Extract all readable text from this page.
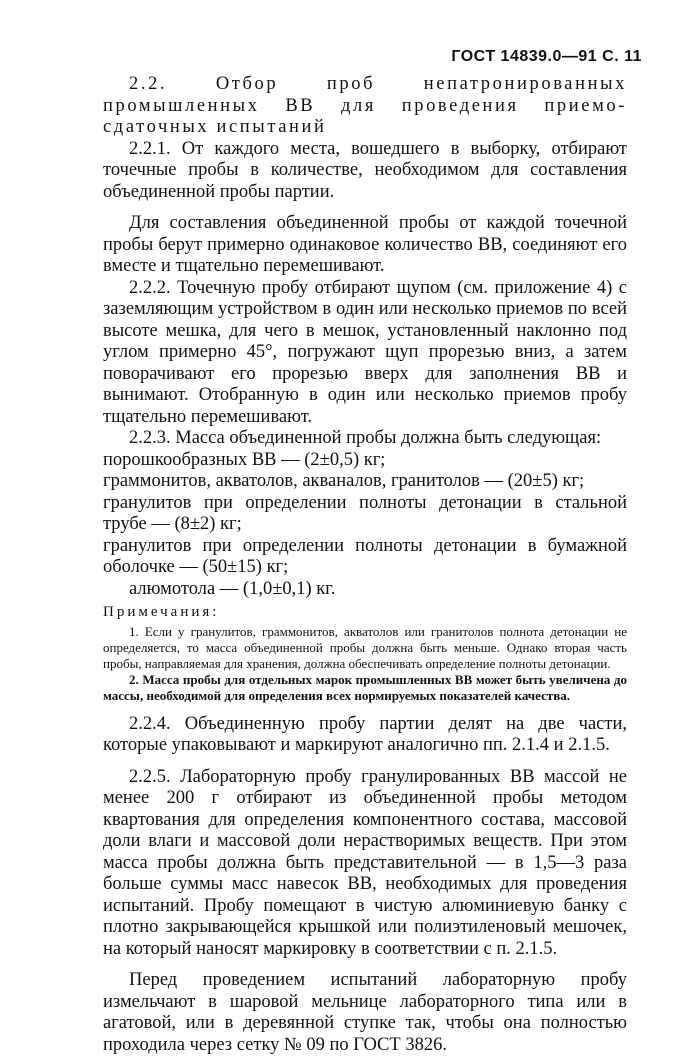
ГОСТ 14839.0—91 С. 11

2.2. Отбор проб непатронированных промышленных ВВ для проведения приемо-сдаточных испытаний

2.2.1. От каждого места, вошедшего в выборку, отбирают точечные пробы в количестве, необходимом для составления объединенной пробы партии.

Для составления объединенной пробы от каждой точечной пробы берут примерно одинаковое количество ВВ, соединяют его вместе и тщательно перемешивают.

2.2.2. Точечную пробу отбирают щупом (см. приложение 4) с заземляющим устройством в один или несколько приемов по всей высоте мешка, для чего в мешок, установленный наклонно под углом примерно 45°, погружают щуп прорезью вниз, а затем поворачивают его прорезью вверх для заполнения ВВ и вынимают. Отобранную в один или несколько приемов пробу тщательно перемешивают.

2.2.3. Масса объединенной пробы должна быть следующая:

порошкообразных ВВ — (2±0,5) кг;

граммонитов, акватолов, акваналов, гранитолов — (20±5) кг;

гранулитов при определении полноты детонации в стальной трубе — (8±2) кг;

гранулитов при определении полноты детонации в бумажной оболочке — (50±15) кг;

алюмотола — (1,0±0,1) кг.

Примечания:

1. Если у гранулитов, граммонитов, акватолов или гранитолов полнота детонации не определяется, то масса объединенной пробы должна быть меньше. Однако вторая часть пробы, направляемая для хранения, должна обеспечивать определение полноты детонации.

2. Масса пробы для отдельных марок промышленных ВВ может быть увеличена до массы, необходимой для определения всех нормируемых показателей качества.

2.2.4. Объединенную пробу партии делят на две части, которые упаковывают и маркируют аналогично пп. 2.1.4 и 2.1.5.

2.2.5. Лабораторную пробу гранулированных ВВ массой не менее 200 г отбирают из объединенной пробы методом квартования для определения компонентного состава, массовой доли влаги и массовой доли нерастворимых веществ. При этом масса пробы должна быть представительной — в 1,5—3 раза больше суммы масс навесок ВВ, необходимых для проведения испытаний. Пробу помещают в чистую алюминиевую банку с плотно закрывающейся крышкой или полиэтиленовый мешочек, на который наносят маркировку в соответствии с п. 2.1.5.

Перед проведением испытаний лабораторную пробу измельчают в шаровой мельнице лабораторного типа или в агатовой, или в деревянной ступке так, чтобы она полностью проходила через сетку № 09 по ГОСТ 3826.
